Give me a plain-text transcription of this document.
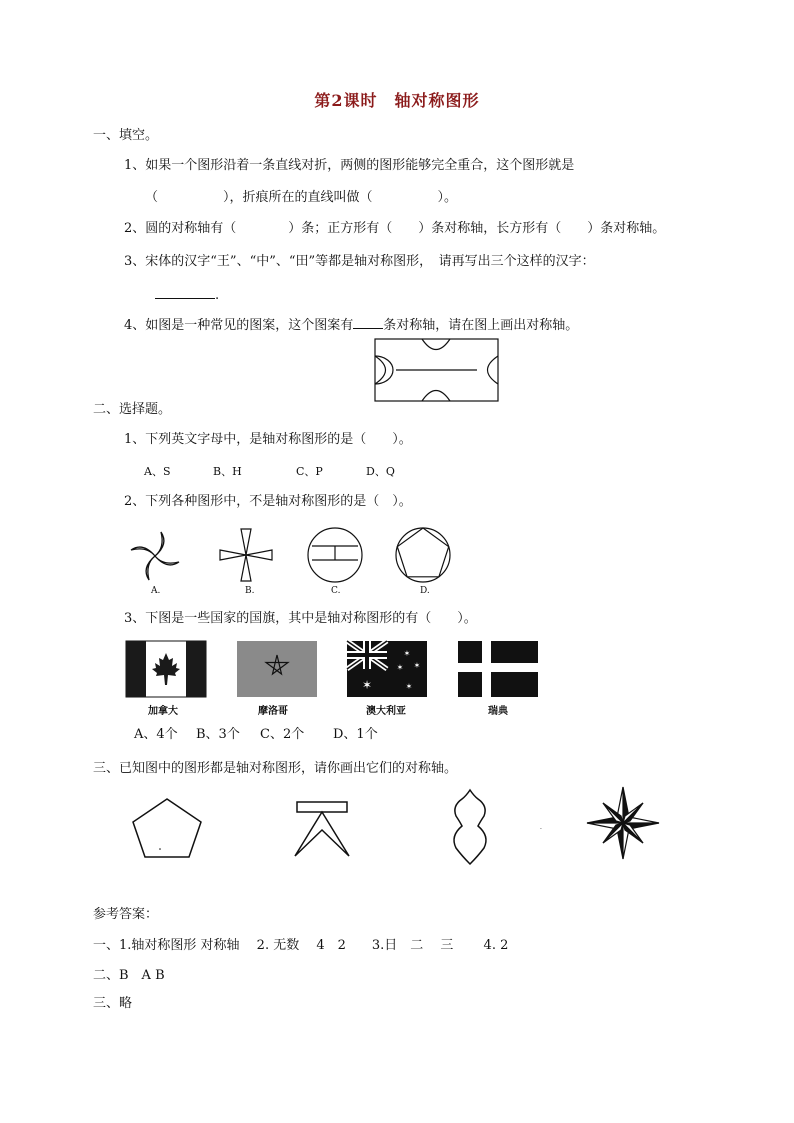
第2课时　轴对称图形
一、填空。
1、如果一个图形沿着一条直线对折，两侧的图形能够完全重合，这个图形就是
（　　　　　），折痕所在的直线叫做（　　　　　）。
2、圆的对称轴有（　　　　）条；正方形有（　　）条对称轴，长方形有（　　）条对称轴。
3、宋体的汉字“王”、“中”、“田”等都是轴对称图形，　请再写出三个这样的汉字：
.
4、如图是一种常见的图案，这个图案有 条对称轴，请在图上画出对称轴。
二、选择题。
1、下列英文字母中，是轴对称图形的是（　　）。
A、S	B、H	C、P	D、Q
2、下列各种图形中，不是轴对称图形的是（　）。
A.	B.	C.	D.
3、下图是一些国家的国旗，其中是轴对称图形的有（　　）。
加拿大	摩洛哥
✶
✶
✶ ✶
✶
澳大利亚	瑞典
A、4个 B、3个 C、2个 D、1个
三、已知图中的图形都是轴对称图形，请你画出它们的对称轴。
·
参考答案：
一、1.轴对称图形 对称轴　 2. 无数　 4　2　　3.日　二　 三　　 4. 2
二、B　A B
三、略
